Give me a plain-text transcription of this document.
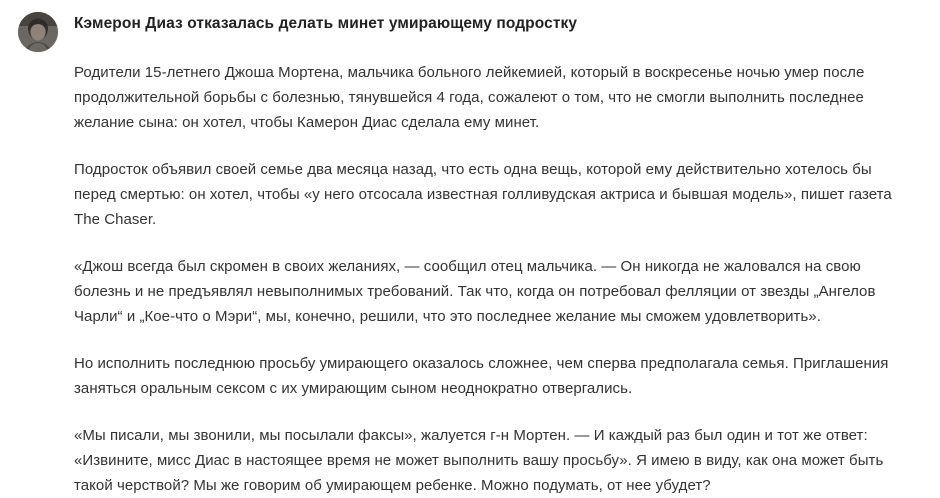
Кэмерон Диаз отказалась делать минет умирающему подростку

Родители 15-летнего Джоша Мортена, мальчика больного лейкемией, который в воскресенье ночью умер после продолжительной борьбы с болезнью, тянувшейся 4 года, сожалеют о том, что не смогли выполнить последнее желание сына: он хотел, чтобы Камерон Диас сделала ему минет.

Подросток объявил своей семье два месяца назад, что есть одна вещь, которой ему действительно хотелось бы перед смертью: он хотел, чтобы «у него отсосала известная голливудская актриса и бывшая модель», пишет газета The Chaser.

«Джош всегда был скромен в своих желаниях, — сообщил отец мальчика. — Он никогда не жаловался на свою болезнь и не предъявлял невыполнимых требований. Так что, когда он потребовал фелляции от звезды „Ангелов Чарли“ и „Кое-что о Мэри“, мы, конечно, решили, что это последнее желание мы сможем удовлетворить».

Но исполнить последнюю просьбу умирающего оказалось сложнее, чем сперва предполагала семья. Приглашения заняться оральным сексом с их умирающим сыном неоднократно отвергались.

«Мы писали, мы звонили, мы посылали факсы», жалуется г-н Мортен. — И каждый раз был один и тот же ответ: «Извините, мисс Диас в настоящее время не может выполнить вашу просьбу». Я имею в виду, как она может быть такой черствой? Мы же говорим об умирающем ребенке. Можно подумать, от нее убудет?
